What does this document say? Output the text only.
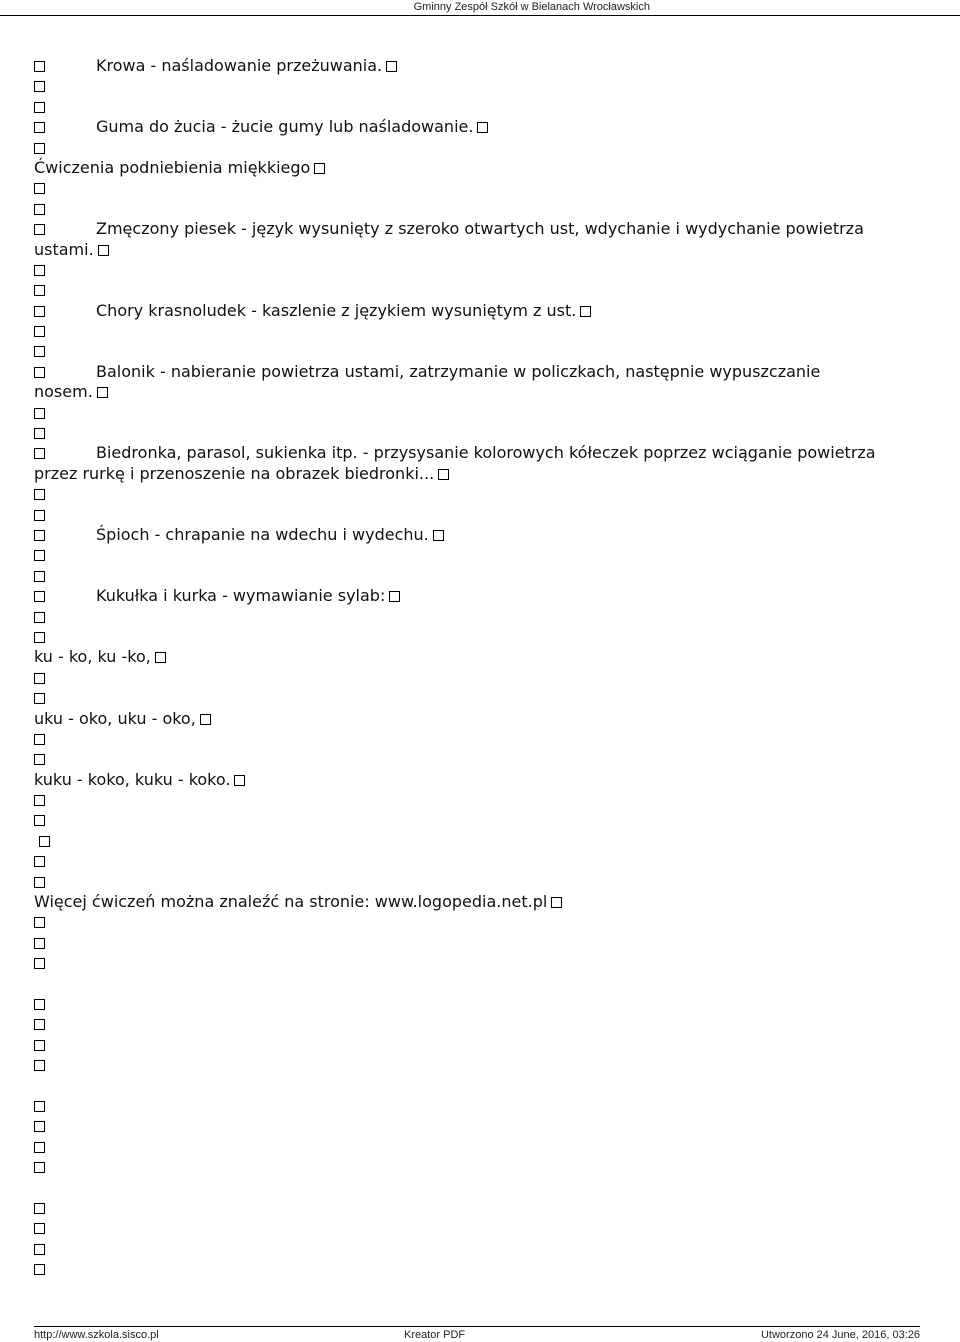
Gminny Zespół Szkół w Bielanach Wrocławskich
Krowa - naśladowanie przeżuwania.
Guma do żucia - żucie gumy lub naśladowanie.
Ćwiczenia podniebienia miękkiego
Zmęczony piesek - język wysunięty z szeroko otwartych ust, wdychanie i wydychanie powietrza
ustami.
Chory krasnoludek - kaszlenie z językiem wysuniętym z ust.
Balonik - nabieranie powietrza ustami, zatrzymanie w policzkach, następnie wypuszczanie
nosem.
Biedronka, parasol, sukienka itp. - przysysanie kolorowych kółeczek poprzez wciąganie powietrza
przez rurkę i przenoszenie na obrazek biedronki...
Śpioch - chrapanie na wdechu i wydechu.
Kukułka i kurka - wymawianie sylab:
ku - ko, ku -ko,
uku - oko, uku - oko,
kuku - koko, kuku - koko.
Więcej ćwiczeń można znaleźć na stronie: www.logopedia.net.pl
http://www.szkola.sisco.pl	Kreator PDF	Utworzono 24 June, 2016, 03:26
